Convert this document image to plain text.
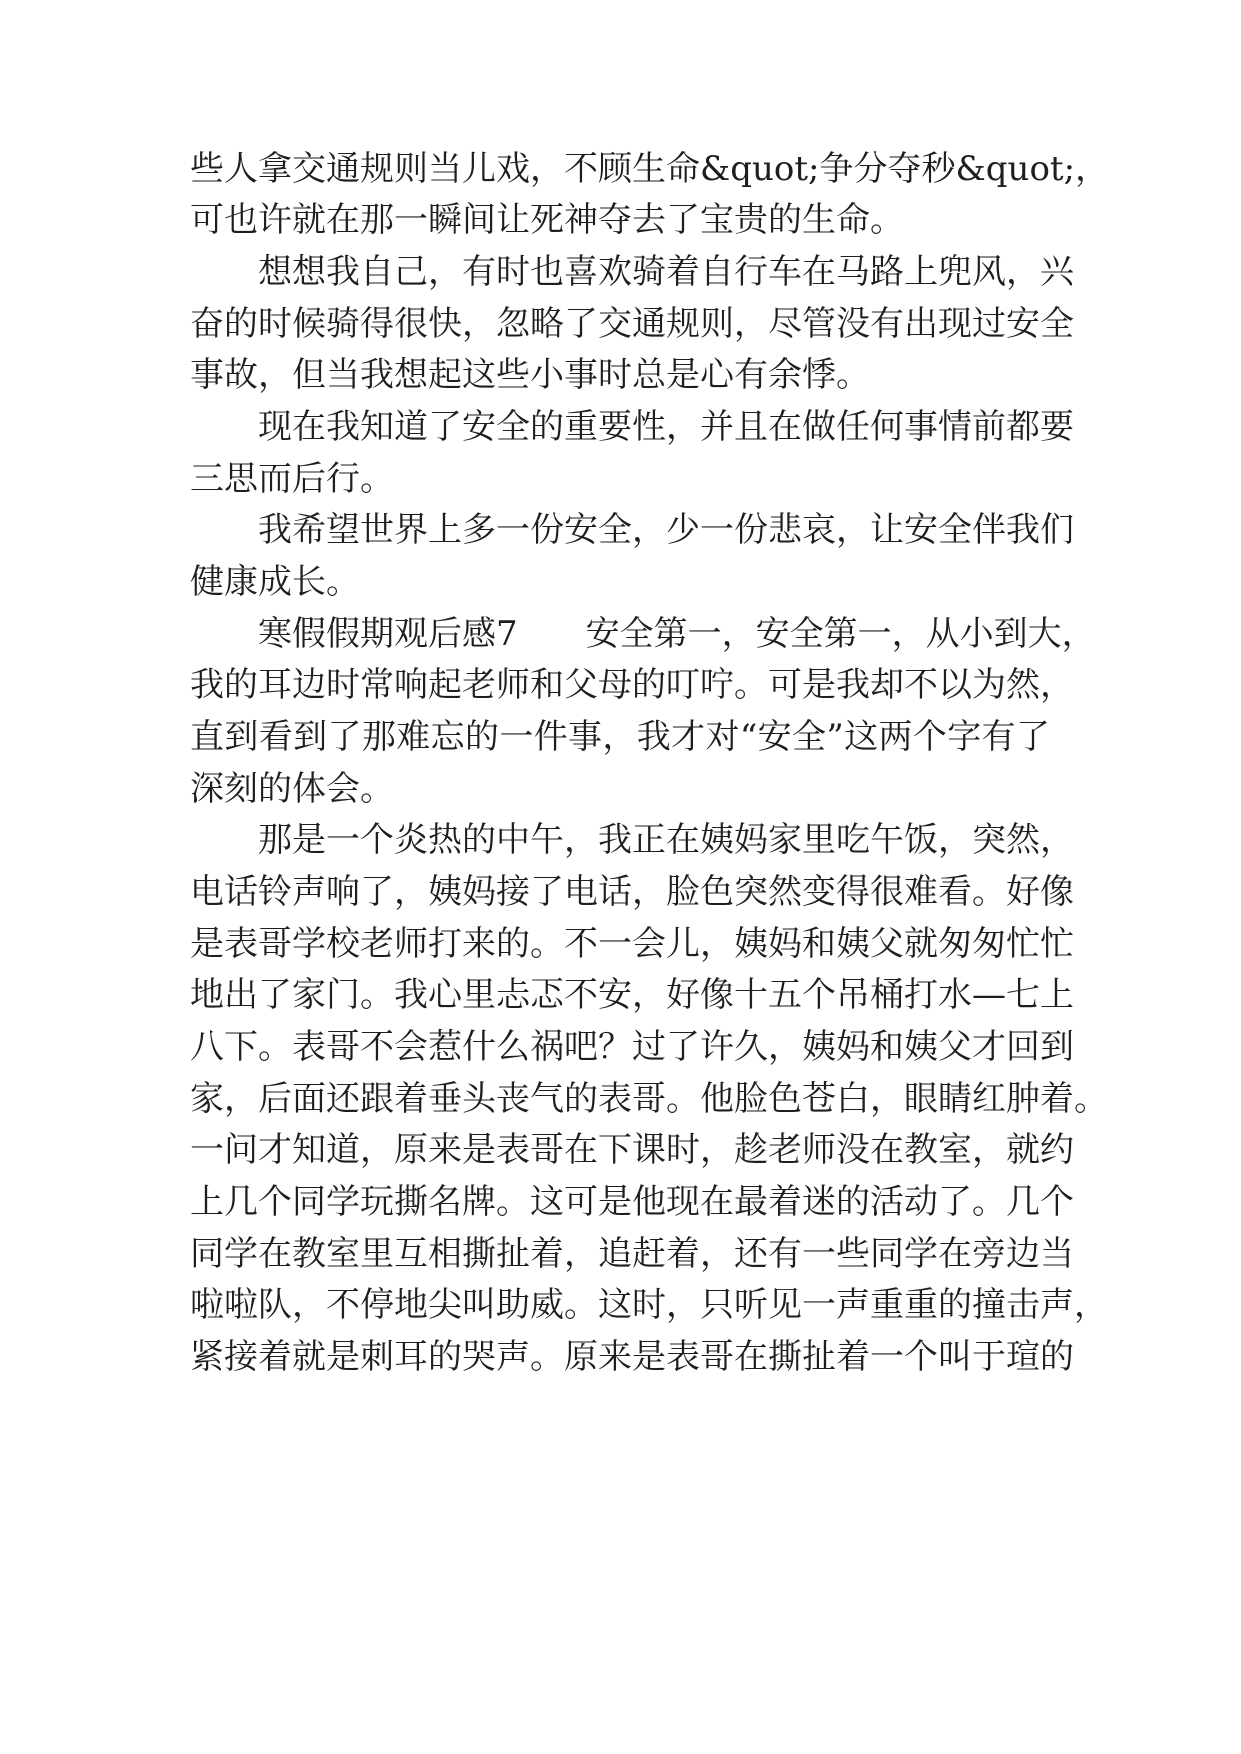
些人拿交通规则当儿戏，不顾生命&quot;争分夺秒&quot;，
可也许就在那一瞬间让死神夺去了宝贵的生命。
想想我自己，有时也喜欢骑着自行车在马路上兜风，兴
奋的时候骑得很快，忽略了交通规则，尽管没有出现过安全
事故，但当我想起这些小事时总是心有余悸。
现在我知道了安全的重要性，并且在做任何事情前都要
三思而后行。
我希望世界上多一份安全，少一份悲哀，让安全伴我们
健康成长。
寒假假期观后感7　　安全第一，安全第一，从小到大，
我的耳边时常响起老师和父母的叮咛。可是我却不以为然，
直到看到了那难忘的一件事，我才对“安全”这两个字有了
深刻的体会。
那是一个炎热的中午，我正在姨妈家里吃午饭，突然，
电话铃声响了，姨妈接了电话，脸色突然变得很难看。好像
是表哥学校老师打来的。不一会儿，姨妈和姨父就匆匆忙忙
地出了家门。我心里忐忑不安，好像十五个吊桶打水—七上
八下。表哥不会惹什么祸吧？过了许久，姨妈和姨父才回到
家，后面还跟着垂头丧气的表哥。他脸色苍白，眼睛红肿着。
一问才知道，原来是表哥在下课时，趁老师没在教室，就约
上几个同学玩撕名牌。这可是他现在最着迷的活动了。几个
同学在教室里互相撕扯着，追赶着，还有一些同学在旁边当
啦啦队，不停地尖叫助威。这时，只听见一声重重的撞击声，
紧接着就是刺耳的哭声。原来是表哥在撕扯着一个叫于瑄的
